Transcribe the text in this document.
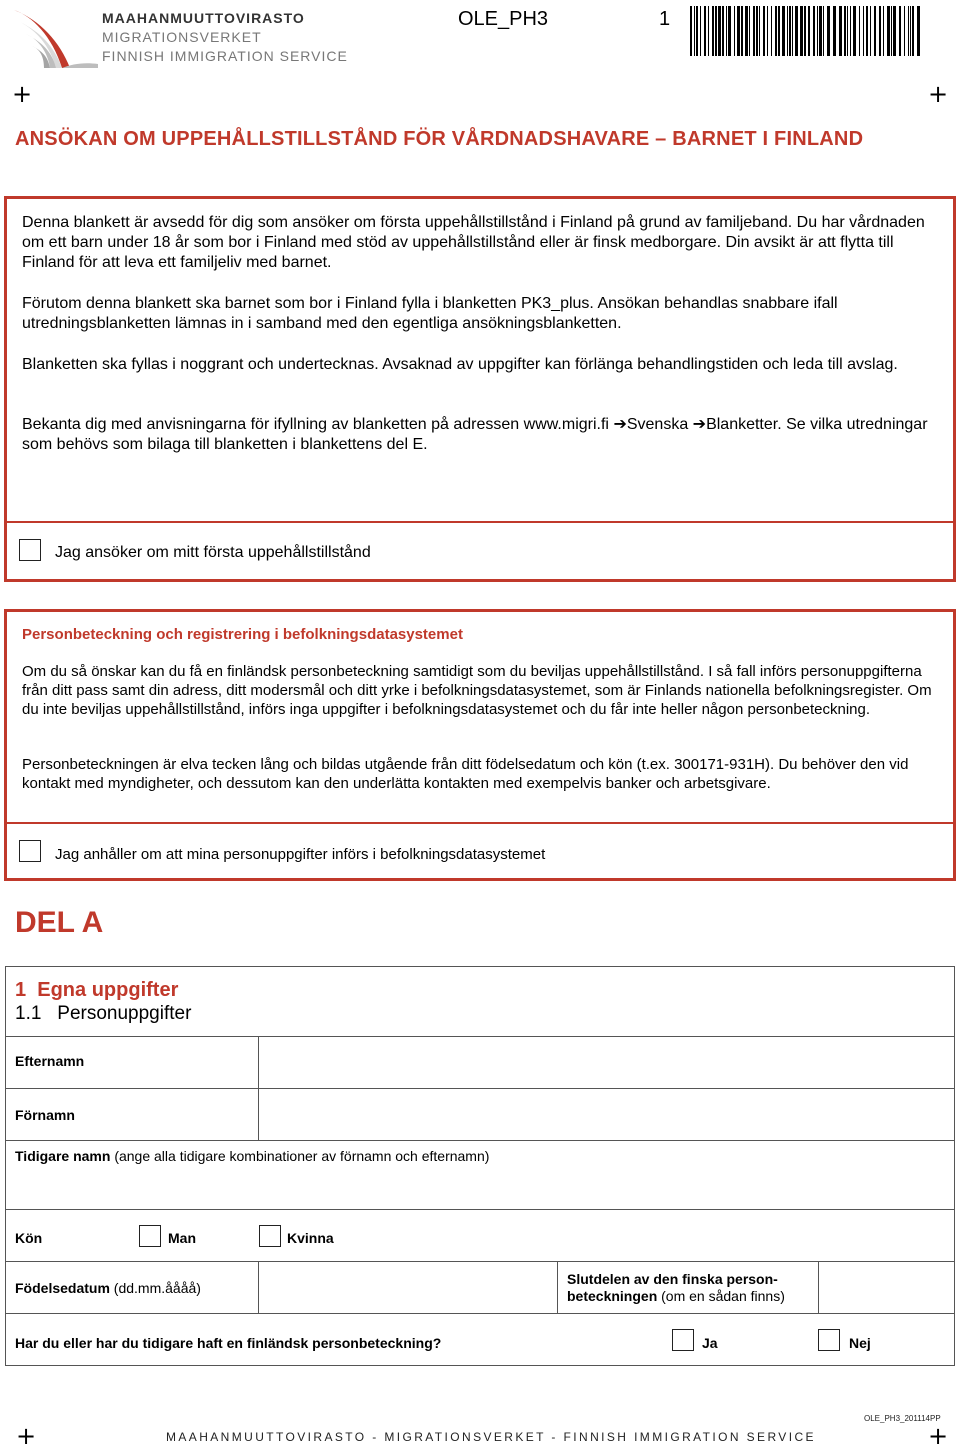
MAAHANMUUTTOVIRASTO
MIGRATIONSVERKET
FINNISH IMMIGRATION SERVICE
OLE_PH3	1
+	+
ANSÖKAN OM UPPEHÅLLSTILLSTÅND FÖR VÅRDNADSHAVARE – BARNET I FINLAND
Denna blankett är avsedd för dig som ansöker om första uppehållstillstånd i Finland på grund av familjeband. Du har vårdnaden om ett barn under 18 år som bor i Finland med stöd av uppehållstillstånd eller är finsk medborgare. Din avsikt är att flytta till Finland för att leva ett familjeliv med barnet.
Förutom denna blankett ska barnet som bor i Finland fylla i blanketten PK3_plus. Ansökan behandlas snabbare ifall utredningsblanketten lämnas in i samband med den egentliga ansökningsblanketten.
Blanketten ska fyllas i noggrant och undertecknas. Avsaknad av uppgifter kan förlänga behandlingstiden och leda till avslag.
Bekanta dig med anvisningarna för ifyllning av blanketten på adressen www.migri.fi ➔Svenska ➔Blanketter. Se vilka utredningar som behövs som bilaga till blanketten i blankettens del E.
Jag ansöker om mitt första uppehållstillstånd
Personbeteckning och registrering i befolkningsdatasystemet
Om du så önskar kan du få en finländsk personbeteckning samtidigt som du beviljas uppehållstillstånd. I så fall införs personuppgifterna från ditt pass samt din adress, ditt modersmål och ditt yrke i befolkningsdatasystemet, som är Finlands nationella befolkningsregister. Om du inte beviljas uppehållstillstånd, införs inga uppgifter i befolkningsdatasystemet och du får inte heller någon personbeteckning.
Personbeteckningen är elva tecken lång och bildas utgående från ditt födelsedatum och kön (t.ex. 300171-931H). Du behöver den vid kontakt med myndigheter, och dessutom kan den underlätta kontakten med exempelvis banker och arbetsgivare.
Jag anhåller om att mina personuppgifter införs i befolkningsdatasystemet
DEL A
1 Egna uppgifter
1.1 Personuppgifter
Efternamn
Förnamn
Tidigare namn (ange alla tidigare kombinationer av förnamn och efternamn)
Kön	Man	Kvinna
Födelsedatum (dd.mm.åååå)
Slutdelen av den finska person-
beteckningen (om en sådan finns)
Har du eller har du tidigare haft en finländsk personbeteckning?	Ja	Nej
OLE_PH3_201114PP
+	MAAHANMUUTTOVIRASTO - MIGRATIONSVERKET - FINNISH IMMIGRATION SERVICE	+
